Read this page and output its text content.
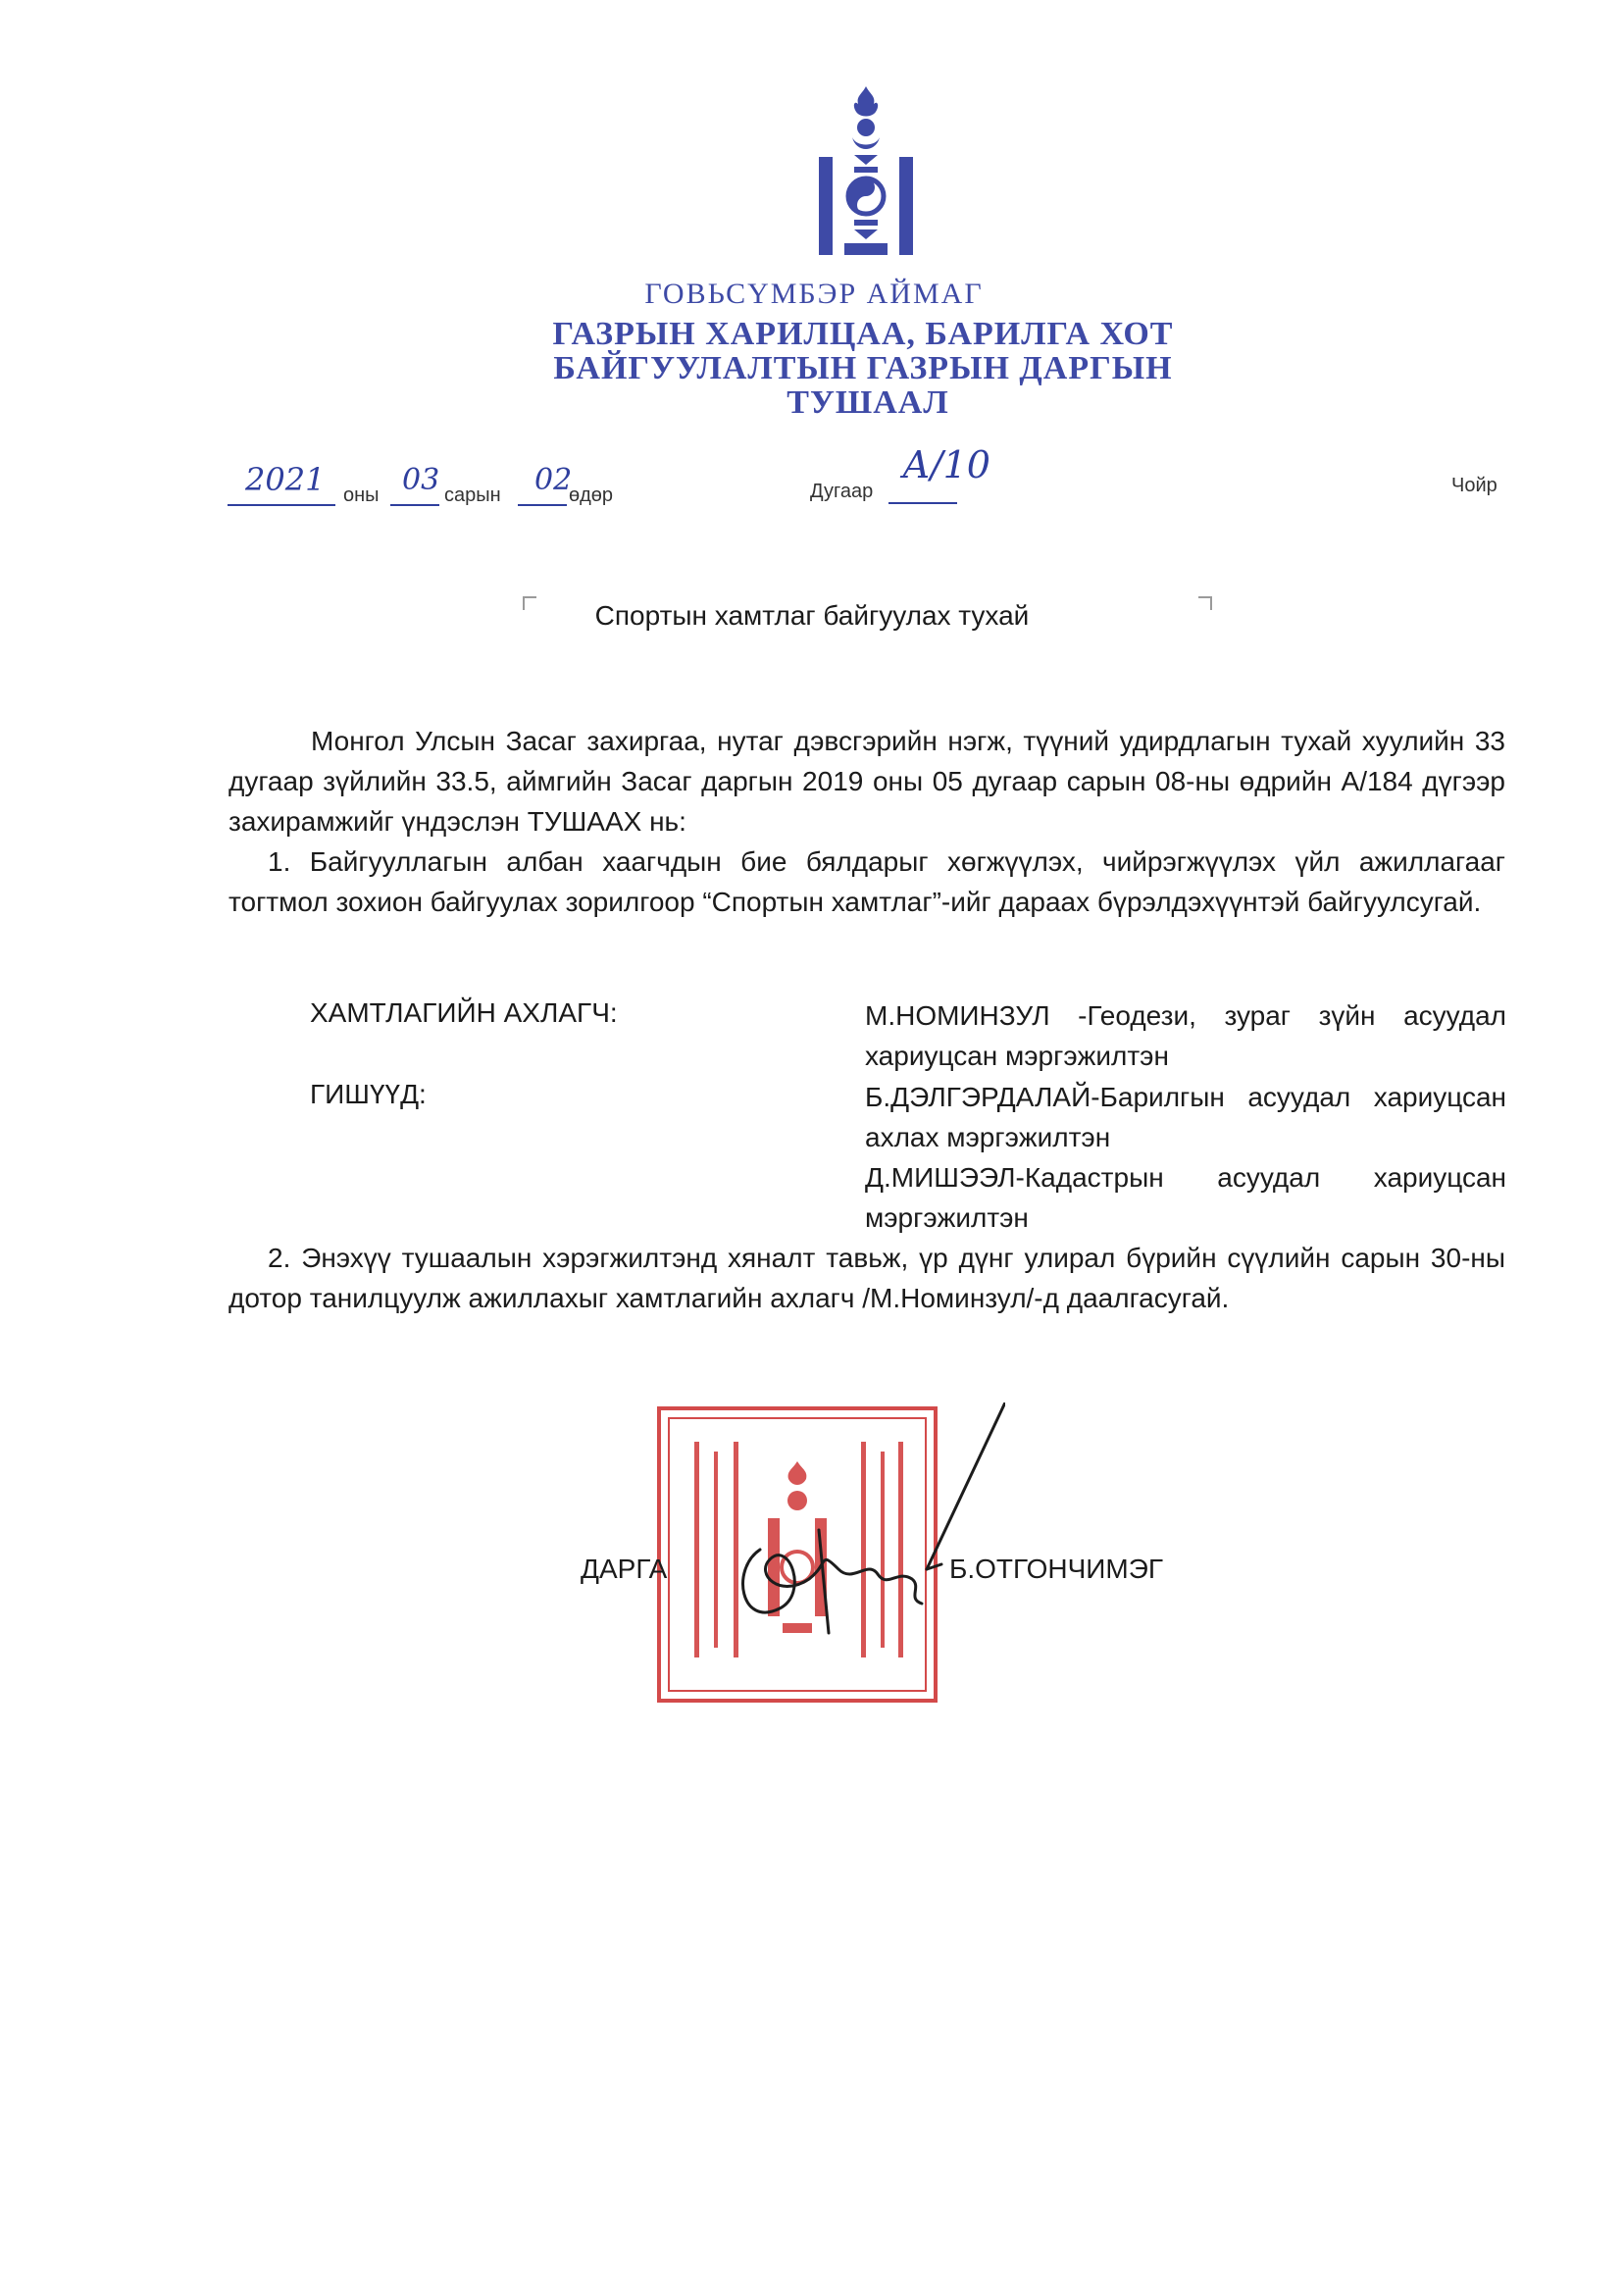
ГОВЬСҮМБЭР АЙМАГ
ГАЗРЫН ХАРИЛЦАА, БАРИЛГА ХОТ
БАЙГУУЛАЛТЫН ГАЗРЫН ДАРГЫН
ТУШААЛ
2021 оны 03 сарын 02
өдөр	Дугаар
А/10	Чойр
Спортын хамтлаг байгуулах тухай
Монгол Улсын Засаг захиргаа, нутаг дэвсгэрийн нэгж, түүний удирдлагын тухай хуулийн 33 дугаар зүйлийн 33.5, аймгийн Засаг даргын 2019 оны 05 дугаар сарын 08-ны өдрийн А/184 дүгээр захирамжийг үндэслэн ТУШААХ нь:
1. Байгууллагын албан хаагчдын бие бялдарыг хөгжүүлэх, чийрэгжүүлэх үйл ажиллагааг тогтмол зохион байгуулах зорилгоор “Спортын хамтлаг”-ийг дараах бүрэлдэхүүнтэй байгуулсугай.
ХАМТЛАГИЙН АХЛАГЧ:	М.НОМИНЗУЛ -Геодези, зураг зүйн асуудал хариуцсан мэргэжилтэн
ГИШҮҮД:	Б.ДЭЛГЭРДАЛАЙ-Барилгын асуудал хариуцсан ахлах мэргэжилтэн
Д.МИШЭЭЛ-Кадастрын асуудал хариуцсан мэргэжилтэн
2. Энэхүү тушаалын хэрэгжилтэнд хяналт тавьж, үр дүнг улирал бүрийн сүүлийн сарын 30-ны дотор танилцуулж ажиллахыг хамтлагийн ахлагч /М.Номинзул/-д даалгасугай.
ДАРГА	Б.ОТГОНЧИМЭГ
